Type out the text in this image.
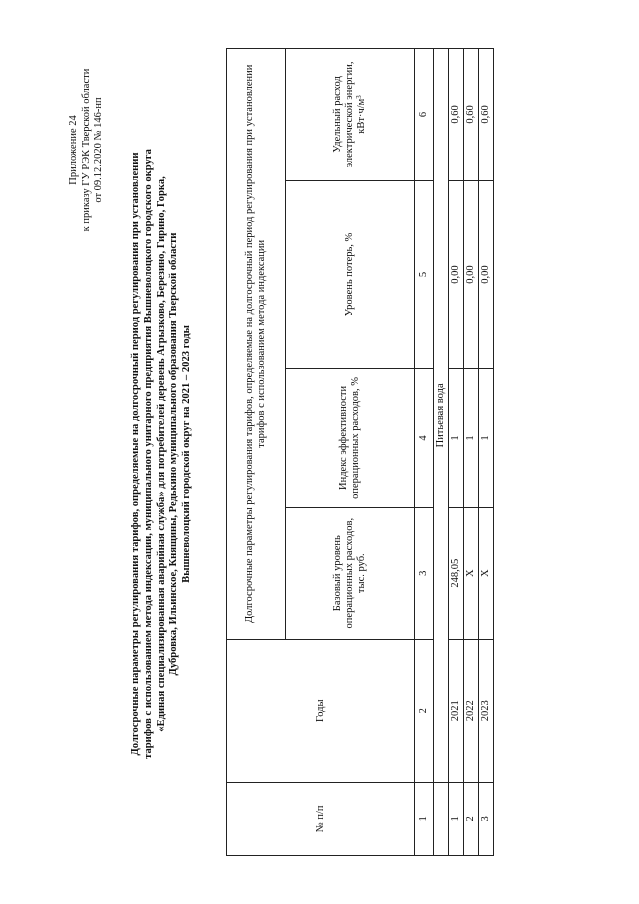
Приложение 24 к приказу ГУ РЭК Тверской области от 09.12.2020 № 146-нп
Долгосрочные параметры регулирования тарифов, определяемые на долгосрочный период регулирования при установлении тарифов с использованием метода индексации, муниципального унитарного предприятия Вышневолоцкого городского округа «Единая специализированная аварийная служба» для потребителей деревень Агрызково, Березино, Гирино, Горка, Дубровка, Ильинское, Княщины, Редькино муниципального образования Тверской области Вышневолоцкий городской округ на 2021 – 2023 годы
№ п/п	Годы	Долгосрочные параметры регулирования тарифов, определяемые на долгосрочный период регулирования при установлении тарифов с использованием метода индексации			
		Базовый уровень операционных расходов, тыс. руб.	Индекс эффективности операционных расходов, %	Уровень потерь, %	Удельный расход электрической энергии, $кВт\cdot ч/м^3$
1	2	3	4	5	6
	Питьевая вода				
1	2021	248,05	1	0,00	0,60
2	2022	Х	1	0,00	0,60
3	2023	Х	1	0,00	0,60
